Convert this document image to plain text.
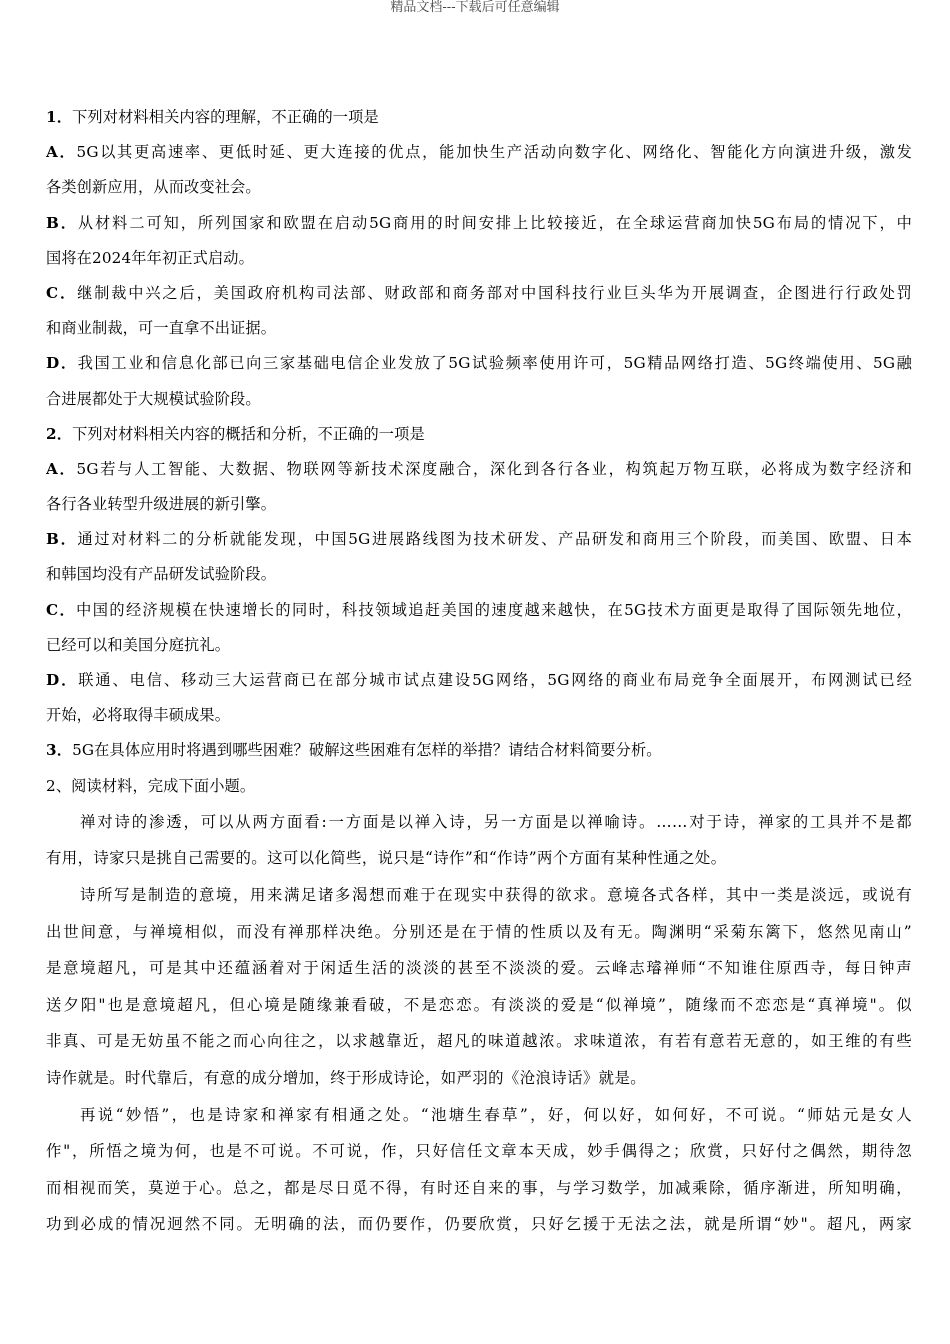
精品文档---下载后可任意编辑
1．下列对材料相关内容的理解，不正确的一项是
A．5G以其更高速率、更低时延、更大连接的优点，能加快生产活动向数字化、网络化、智能化方向演进升级，激发
各类创新应用，从而改变社会。
B．从材料二可知，所列国家和欧盟在启动5G商用的时间安排上比较接近，在全球运营商加快5G布局的情况下，中
国将在2024年年初正式启动。
C．继制裁中兴之后，美国政府机构司法部、财政部和商务部对中国科技行业巨头华为开展调查，企图进行行政处罚
和商业制裁，可一直拿不出证据。
D．我国工业和信息化部已向三家基础电信企业发放了5G试验频率使用许可，5G精品网络打造、5G终端使用、5G融
合进展都处于大规模试验阶段。
2．下列对材料相关内容的概括和分析，不正确的一项是
A．5G若与人工智能、大数据、物联网等新技术深度融合，深化到各行各业，构筑起万物互联，必将成为数字经济和
各行各业转型升级进展的新引擎。
B．通过对材料二的分析就能发现，中国5G进展路线图为技术研发、产品研发和商用三个阶段，而美国、欧盟、日本
和韩国均没有产品研发试验阶段。
C．中国的经济规模在快速增长的同时，科技领域追赶美国的速度越来越快，在5G技术方面更是取得了国际领先地位，
已经可以和美国分庭抗礼。
D．联通、电信、移动三大运营商已在部分城市试点建设5G网络，5G网络的商业布局竞争全面展开，布网测试已经
开始，必将取得丰硕成果。
3．5G在具体应用时将遇到哪些困难？破解这些困难有怎样的举措？请结合材料简要分析。
2、阅读材料，完成下面小题。
禅对诗的渗透，可以从两方面看:一方面是以禅入诗，另一方面是以禅喻诗。……对于诗，禅家的工具并不是都
有用，诗家只是挑自己需要的。这可以化简些，说只是“诗作”和“作诗”两个方面有某种性通之处。
诗所写是制造的意境，用来满足诸多渴想而难于在现实中获得的欲求。意境各式各样，其中一类是淡远，或说有
出世间意，与禅境相似，而没有禅那样决绝。分别还是在于情的性质以及有无。陶渊明“采菊东篱下，悠然见南山”
是意境超凡，可是其中还蕴涵着对于闲适生活的淡淡的甚至不淡淡的爱。云峰志璿禅师“不知谁住原西寺，每日钟声
送夕阳"也是意境超凡，但心境是随缘兼看破，不是恋恋。有淡淡的爱是“似禅境”，随缘而不恋恋是“真禅境"。似
非真、可是无妨虽不能之而心向往之，以求越靠近，超凡的味道越浓。求味道浓，有若有意若无意的，如王维的有些
诗作就是。时代靠后，有意的成分增加，终于形成诗论，如严羽的《沧浪诗话》就是。
再说“妙悟”，也是诗家和禅家有相通之处。“池塘生春草”，好，何以好，如何好，不可说。“师姑元是女人
作"，所悟之境为何，也是不可说。不可说，作，只好信任文章本天成，妙手偶得之；欣赏，只好付之偶然，期待忽
而相视而笑，莫逆于心。总之，都是尽日觅不得，有时还自来的事，与学习数学，加减乘除，循序渐进，所知明确，
功到必成的情况迥然不同。无明确的法，而仍要作，仍要欣赏，只好乞援于无法之法，就是所谓“妙"。超凡，两家
